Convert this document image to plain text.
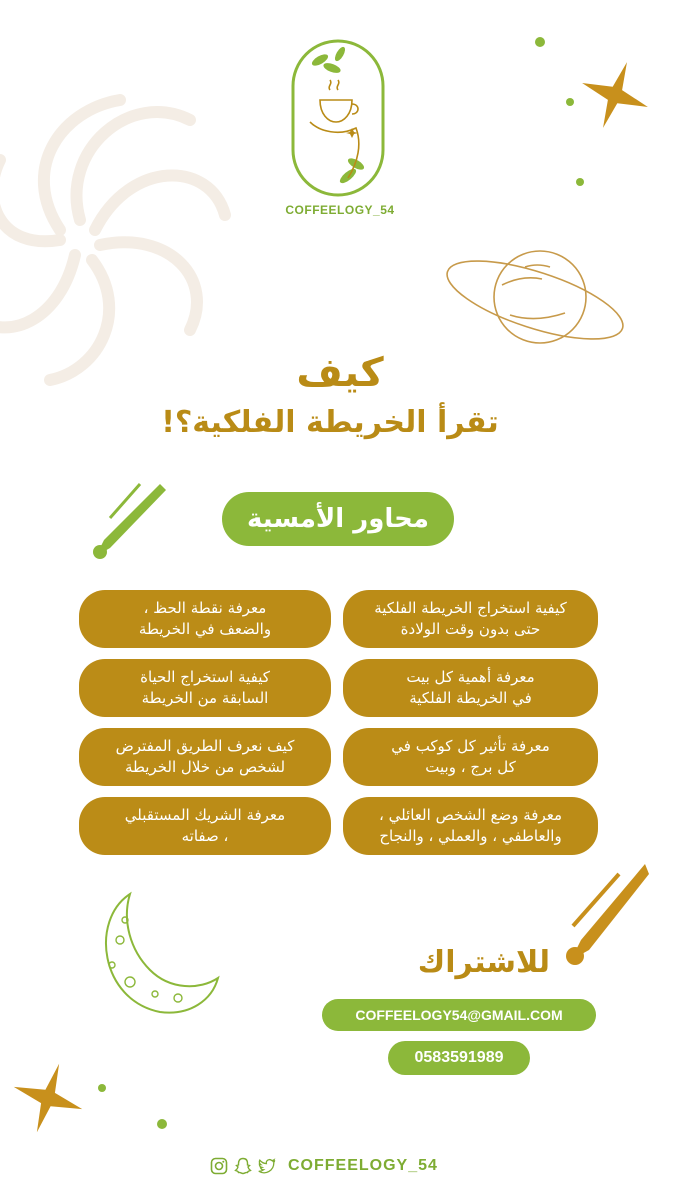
COFFEELOGY_54
كيف
تقرأ الخريطة الفلكية؟!
محاور الأمسية
كيفية استخراج الخريطة الفلكية
حتى بدون وقت الولادة
معرفة نقطة الحظ ،
والضعف في الخريطة
معرفة أهمية كل بيت
في الخريطة الفلكية
كيفية استخراج الحياة
السابقة من الخريطة
معرفة تأثير كل كوكب في
كل برج ، وبيت
كيف نعرف الطريق المفترض
لشخص من خلال الخريطة
معرفة وضع الشخص العائلي ،
والعاطفي ، والعملي ، والنجاح
معرفة الشريك المستقبلي
، صفاته
للاشتراك
COFFEELOGY54@GMAIL.COM
0583591989
COFFEELOGY_54
